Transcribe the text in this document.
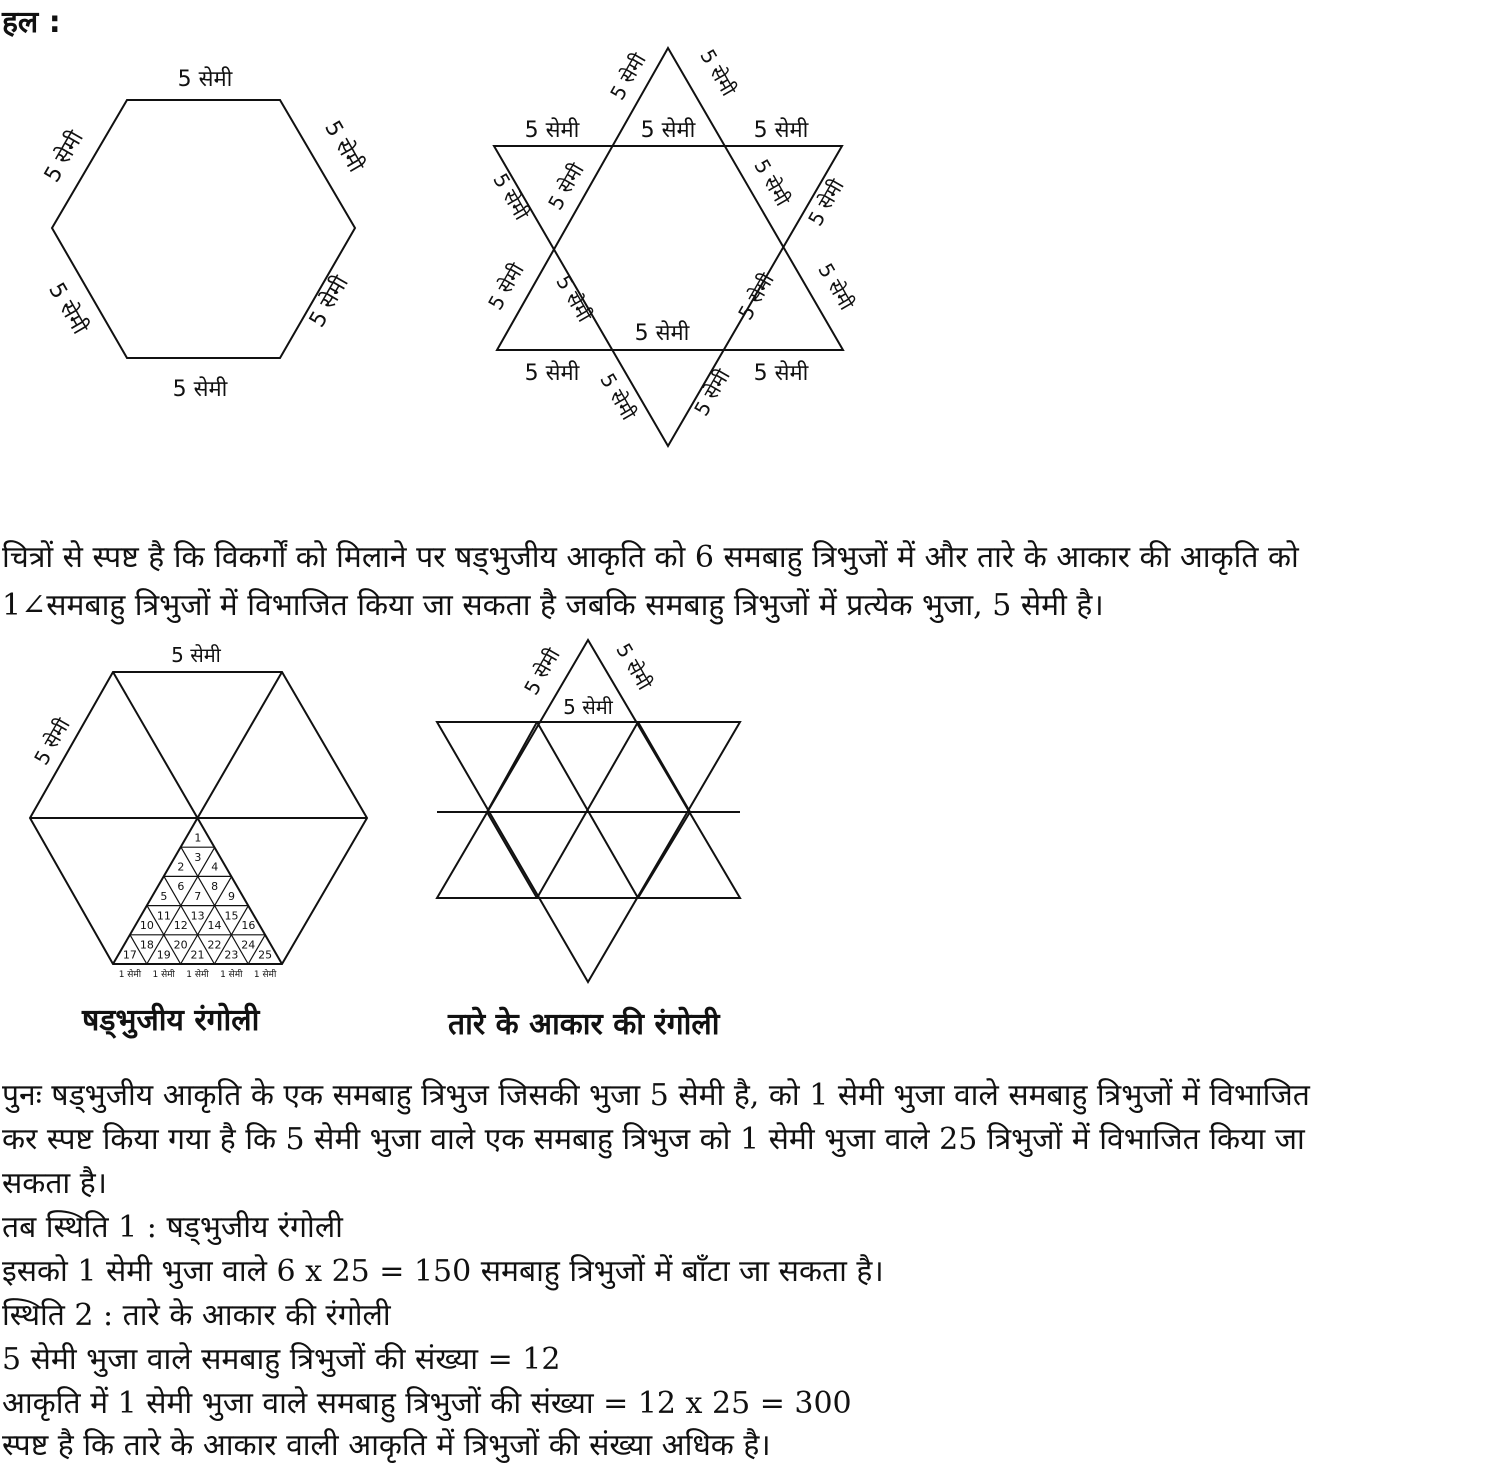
हल :
5 सेमी
5 सेमी
5 सेमी	5 सेमी
5 सेमी	5 सेमी
5 सेमी	5 सेमी	5 सेमी
5 सेमी
5 सेमी	5 सेमी
5 सेमी 5 सेमी
5 सेमी 5 सेमी	5 सेमी 5 सेमी
5 सेमी 5 सेमी	5 सेमी 5 सेमी
5 सेमी 5 सेमी
चित्रों से स्पष्ट है कि विकर्गों को मिलाने पर षड्भुजीय आकृति को 6 समबाहु त्रिभुजों में और तारे के आकार की आकृति को
1∠समबाहु त्रिभुजों में विभाजित किया जा सकता है जबकि समबाहु त्रिभुजों में प्रत्येक भुजा, 5 सेमी है।
1
2
3
4
5
6
7
8
9
10
11
12
13
14
15
16
17
18
19
20
21
22
23
24
25
1 सेमी 1 सेमी 1 सेमी 1 सेमी 1 सेमी
5 सेमी
5 सेमी
5 सेमी
5 सेमी 5 सेमी
षड्भुजीय रंगोली	तारे के आकार की रंगोली
पुनः षड्भुजीय आकृति के एक समबाहु त्रिभुज जिसकी भुजा 5 सेमी है, को 1 सेमी भुजा वाले समबाहु त्रिभुजों में विभाजित
कर स्पष्ट किया गया है कि 5 सेमी भुजा वाले एक समबाहु त्रिभुज को 1 सेमी भुजा वाले 25 त्रिभुजों में विभाजित किया जा
सकता है।
तब स्थिति 1 : षड्भुजीय रंगोली
इसको 1 सेमी भुजा वाले 6 x 25 = 150 समबाहु त्रिभुजों में बाँटा जा सकता है।
स्थिति 2 : तारे के आकार की रंगोली
5 सेमी भुजा वाले समबाहु त्रिभुजों की संख्या = 12
आकृति में 1 सेमी भुजा वाले समबाहु त्रिभुजों की संख्या = 12 x 25 = 300
स्पष्ट है कि तारे के आकार वाली आकृति में त्रिभुजों की संख्या अधिक है।
